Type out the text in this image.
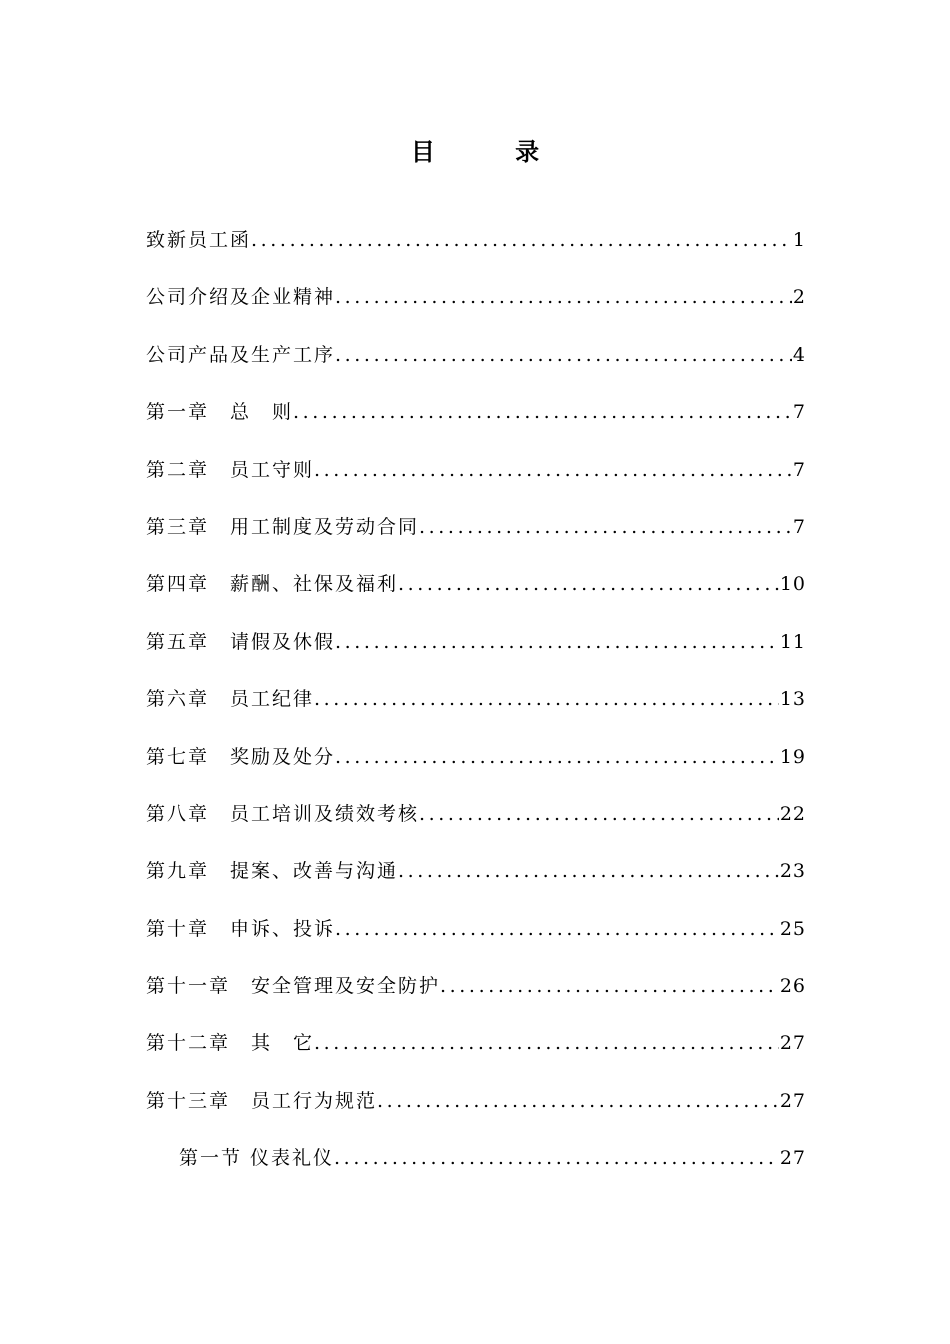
目 录
致新员工函 .....	1
公司介绍及企业精神 .....	2
公司产品及生产工序 .....	4
第一章　总　则 .....	7
第二章　员工守则 .....	7
第三章　用工制度及劳动合同 .....	7
第四章　薪酬、社保及福利 .....	10
第五章　请假及休假 .....	11
第六章　员工纪律 .....	13
第七章　奖励及处分 .....	19
第八章　员工培训及绩效考核 .....	22
第九章　提案、改善与沟通 .....	23
第十章　申诉、投诉 .....	25
第十一章　安全管理及安全防护 .....	26
第十二章　其　它 .....	27
第十三章　员工行为规范 .....	27
第一节 仪表礼仪 .....	27
